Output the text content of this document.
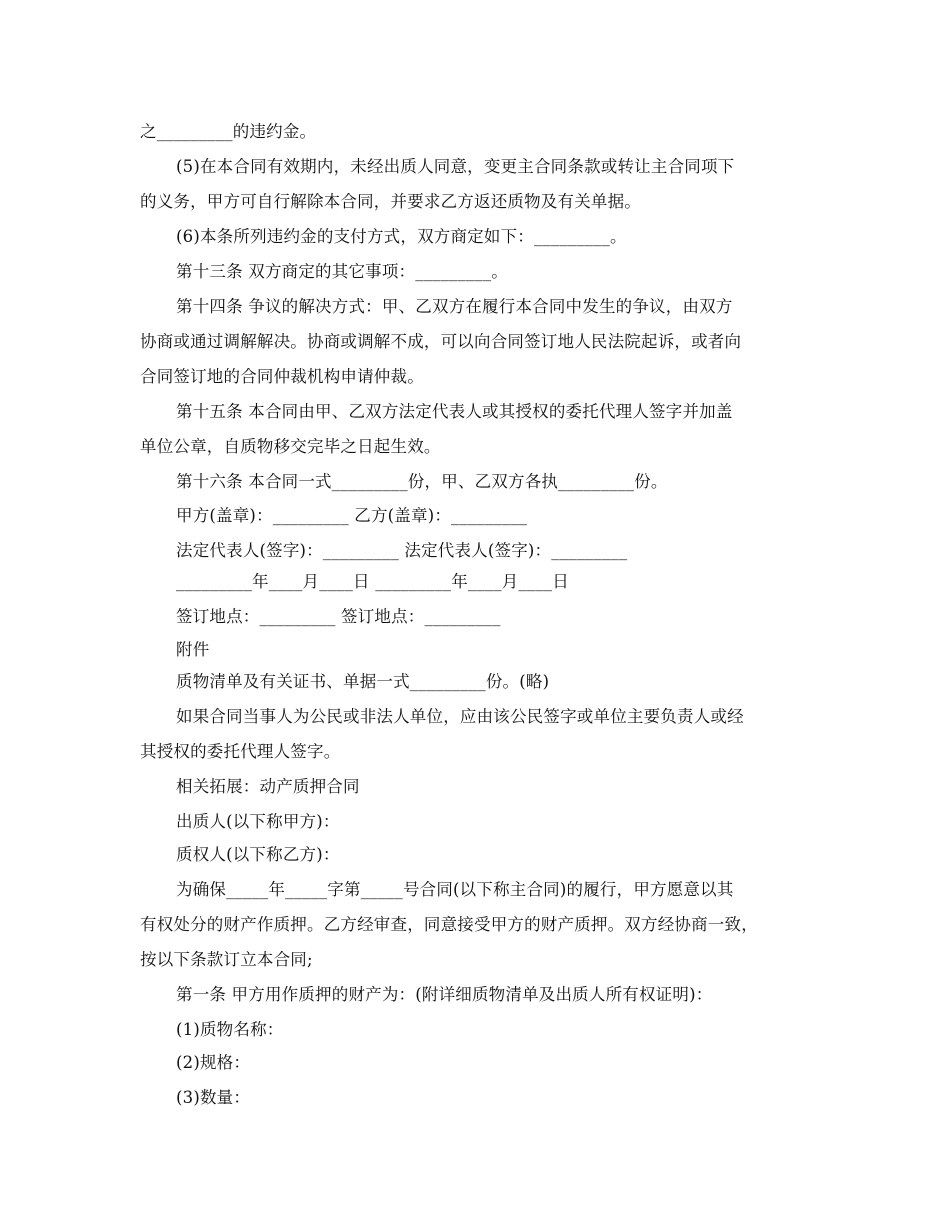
之_________的违约金。
(5)在本合同有效期内，未经出质人同意，变更主合同条款或转让主合同项下
的义务，甲方可自行解除本合同，并要求乙方返还质物及有关单据。
(6)本条所列违约金的支付方式，双方商定如下：_________。
第十三条 双方商定的其它事项：_________。
第十四条 争议的解决方式：甲、乙双方在履行本合同中发生的争议，由双方
协商或通过调解解决。协商或调解不成，可以向合同签订地人民法院起诉，或者向
合同签订地的合同仲裁机构申请仲裁。
第十五条 本合同由甲、乙双方法定代表人或其授权的委托代理人签字并加盖
单位公章，自质物移交完毕之日起生效。
第十六条 本合同一式_________份，甲、乙双方各执_________份。
甲方(盖章)：_________ 乙方(盖章)：_________
法定代表人(签字)：_________ 法定代表人(签字)：_________
_________年____月____日 _________年____月____日
签订地点：_________ 签订地点：_________
附件
质物清单及有关证书、单据一式_________份。(略)
如果合同当事人为公民或非法人单位，应由该公民签字或单位主要负责人或经
其授权的委托代理人签字。
相关拓展：动产质押合同
出质人(以下称甲方)：
质权人(以下称乙方)：
为确保_____年_____字第_____号合同(以下称主合同)的履行，甲方愿意以其
有权处分的财产作质押。乙方经审查，同意接受甲方的财产质押。双方经协商一致，
按以下条款订立本合同;
第一条 甲方用作质押的财产为：(附详细质物清单及出质人所有权证明)：
(1)质物名称：
(2)规格：
(3)数量：
